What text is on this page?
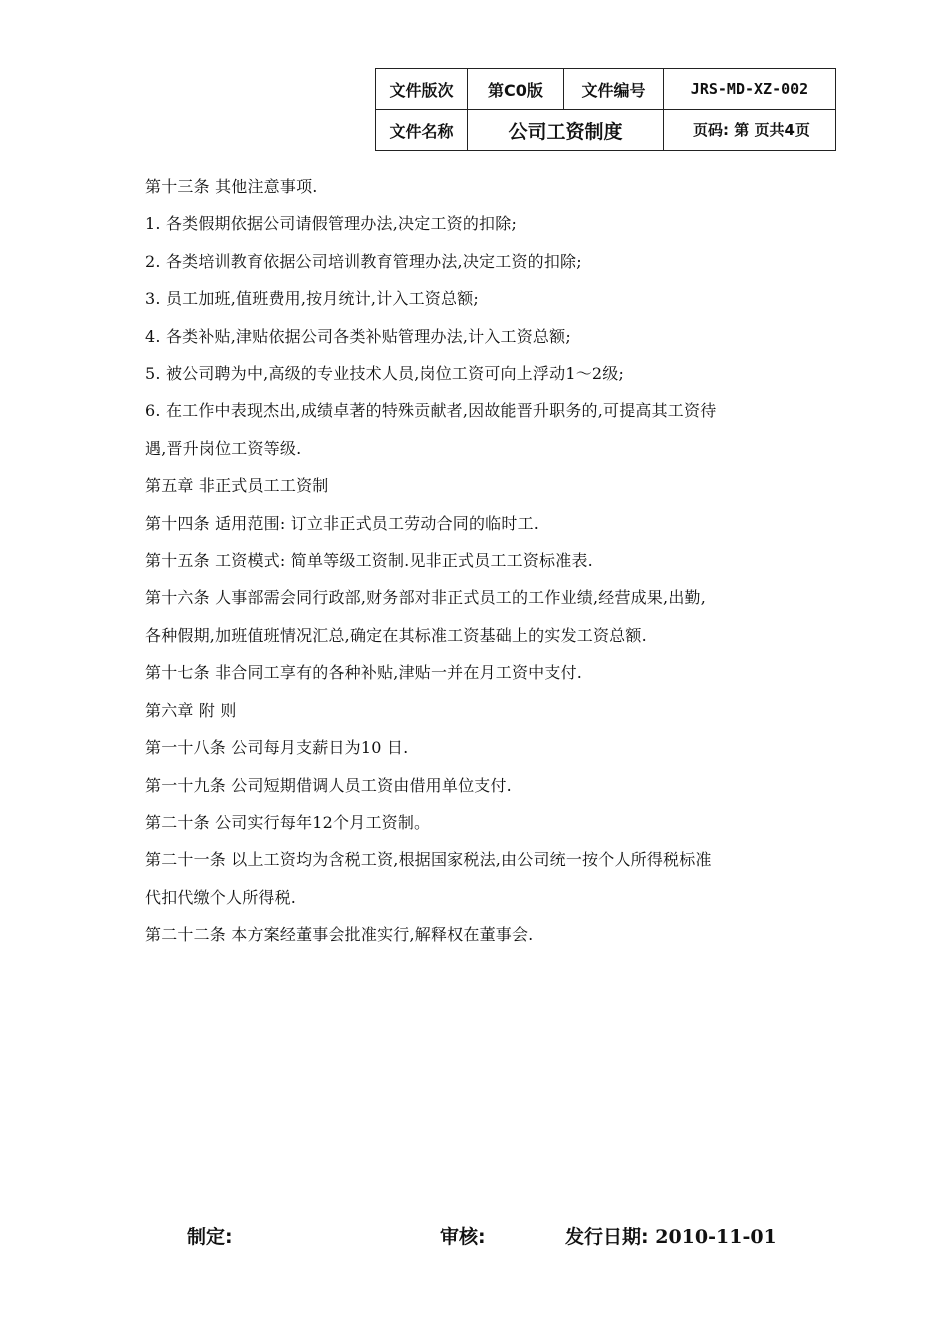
文件版次	第C0版	文件编号	JRS-MD-XZ-002
文件名称	公司工资制度		页码: 第 页共4页

第十三条 其他注意事项.

1. 各类假期依据公司请假管理办法,决定工资的扣除;

2. 各类培训教育依据公司培训教育管理办法,决定工资的扣除;

3. 员工加班,值班费用,按月统计,计入工资总额;

4. 各类补贴,津贴依据公司各类补贴管理办法,计入工资总额;

5. 被公司聘为中,高级的专业技术人员,岗位工资可向上浮动1～2级;

6. 在工作中表现杰出,成绩卓著的特殊贡献者,因故能晋升职务的,可提高其工资待

遇,晋升岗位工资等级.

第五章 非正式员工工资制

第十四条 适用范围: 订立非正式员工劳动合同的临时工.

第十五条 工资模式: 简单等级工资制.见非正式员工工资标准表.

第十六条 人事部需会同行政部,财务部对非正式员工的工作业绩,经营成果,出勤,

各种假期,加班值班情况汇总,确定在其标准工资基础上的实发工资总额.

第十七条 非合同工享有的各种补贴,津贴一并在月工资中支付.

第六章 附 则

第一十八条 公司每月支薪日为10 日.

第一十九条 公司短期借调人员工资由借用单位支付.

第二十条 公司实行每年12个月工资制。

第二十一条 以上工资均为含税工资,根据国家税法,由公司统一按个人所得税标准

代扣代缴个人所得税.

第二十二条 本方案经董事会批准实行,解释权在董事会.

制定:	审核:	发行日期: 2010-11-01
